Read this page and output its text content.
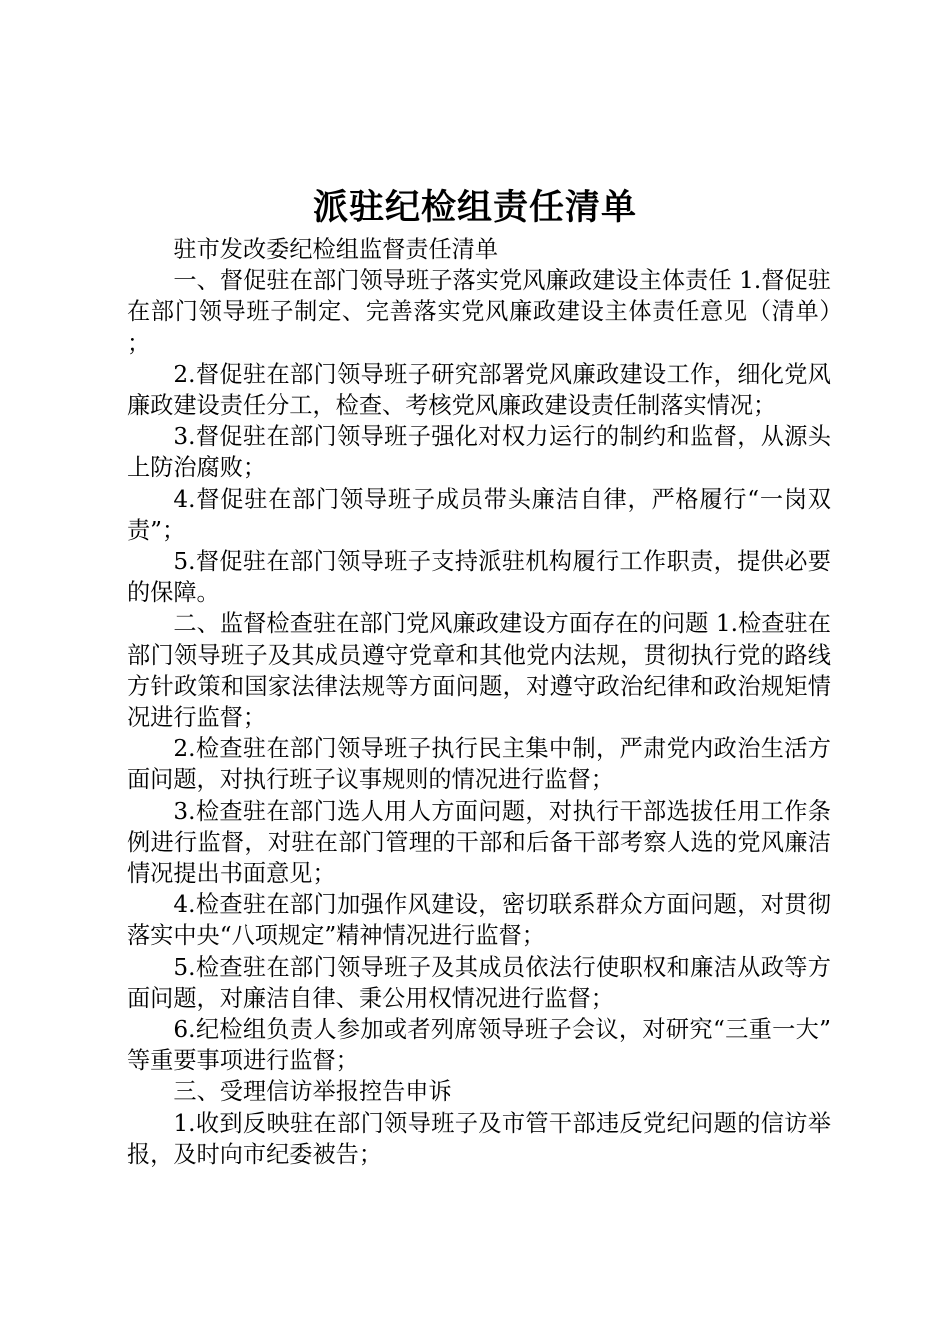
派驻纪检组责任清单

驻市发改委纪检组监督责任清单

一、督促驻在部门领导班子落实党风廉政建设主体责任 1.督促驻在部门领导班子制定、完善落实党风廉政建设主体责任意见（清单）；

2.督促驻在部门领导班子研究部署党风廉政建设工作，细化党风廉政建设责任分工，检查、考核党风廉政建设责任制落实情况；

3.督促驻在部门领导班子强化对权力运行的制约和监督，从源头上防治腐败；

4.督促驻在部门领导班子成员带头廉洁自律，严格履行“一岗双责”；

5.督促驻在部门领导班子支持派驻机构履行工作职责，提供必要的保障。

二、监督检查驻在部门党风廉政建设方面存在的问题 1.检查驻在部门领导班子及其成员遵守党章和其他党内法规，贯彻执行党的路线方针政策和国家法律法规等方面问题，对遵守政治纪律和政治规矩情况进行监督；

2.检查驻在部门领导班子执行民主集中制，严肃党内政治生活方面问题，对执行班子议事规则的情况进行监督；

3.检查驻在部门选人用人方面问题，对执行干部选拔任用工作条例进行监督，对驻在部门管理的干部和后备干部考察人选的党风廉洁情况提出书面意见；

4.检查驻在部门加强作风建设，密切联系群众方面问题，对贯彻落实中央“八项规定”精神情况进行监督；

5.检查驻在部门领导班子及其成员依法行使职权和廉洁从政等方面问题，对廉洁自律、秉公用权情况进行监督；

6.纪检组负责人参加或者列席领导班子会议，对研究“三重一大”等重要事项进行监督；

三、受理信访举报控告申诉

1.收到反映驻在部门领导班子及市管干部违反党纪问题的信访举报，及时向市纪委被告；
